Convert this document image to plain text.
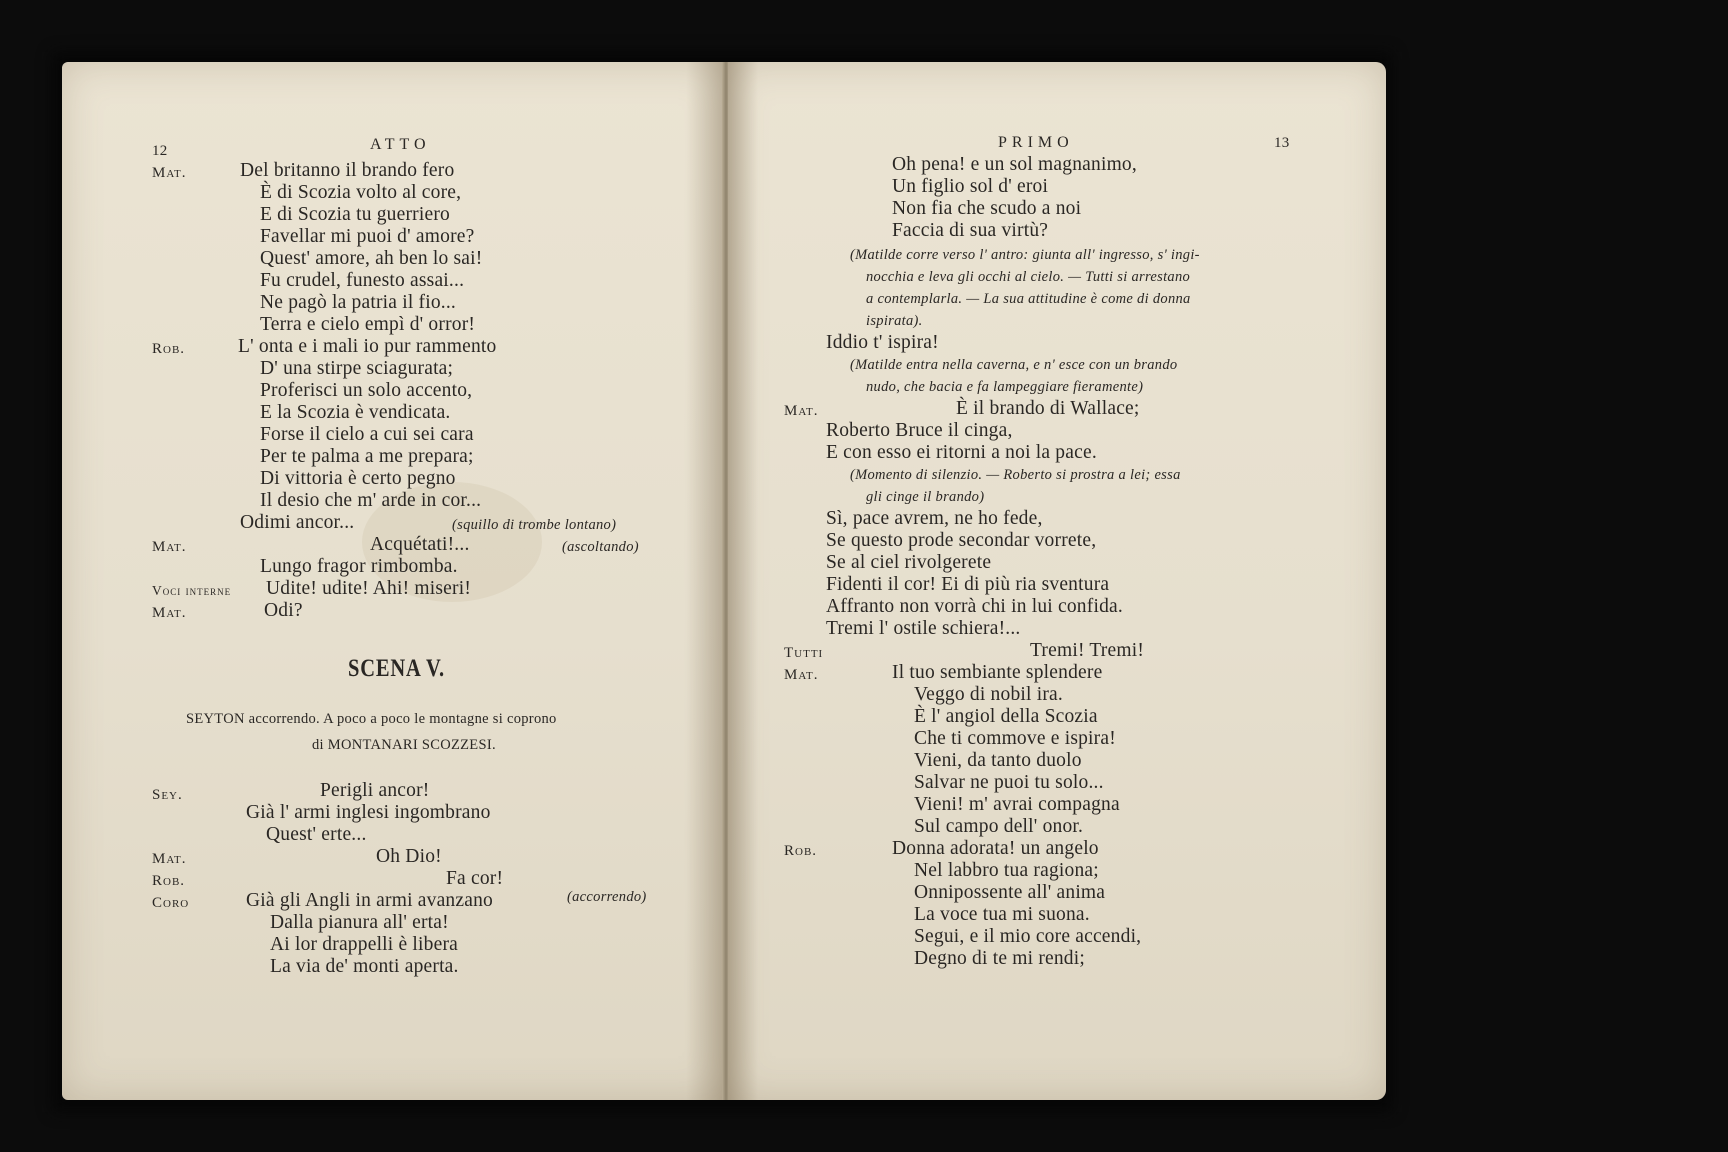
12	ATTO
Mat.	Del britanno il brando fero
È di Scozia volto al core,
E di Scozia tu guerriero
Favellar mi puoi d' amore?
Quest' amore, ah ben lo sai!
Fu crudel, funesto assai...
Ne pagò la patria il fio...
Terra e cielo empì d' orror!
Rob.	L' onta e i mali io pur rammento
D' una stirpe sciagurata;
Proferisci un solo accento,
E la Scozia è vendicata.
Forse il cielo a cui sei cara
Per te palma a me prepara;
Di vittoria è certo pegno
Il desio che m' arde in cor...
Odimi ancor...	(squillo di trombe lontano)
Mat.	Acquétati!...	(ascoltando)
Lungo fragor rimbomba.
Voci interne Udite! udite! Ahi! miseri!
Mat.	Odi?
SCENA V.
SEYTON accorrendo. A poco a poco le montagne si coprono
di MONTANARI SCOZZESI.
Sey.	Perigli ancor!
Già l' armi inglesi ingombrano
Quest' erte...
Mat.	Oh Dio!
Rob.	Fa cor!
Coro	Già gli Angli in armi avanzano	(accorrendo)
Dalla pianura all' erta!
Ai lor drappelli è libera
La via de' monti aperta.
PRIMO	13
Oh pena! e un sol magnanimo,
Un figlio sol d' eroi
Non fia che scudo a noi
Faccia di sua virtù?
(Matilde corre verso l' antro: giunta all' ingresso, s' ingi-
nocchia e leva gli occhi al cielo. — Tutti si arrestano
a contemplarla. — La sua attitudine è come di donna
ispirata).
Iddio t' ispira!
(Matilde entra nella caverna, e n' esce con un brando
nudo, che bacia e fa lampeggiare fieramente)
Mat.	È il brando di Wallace;
Roberto Bruce il cinga,
E con esso ei ritorni a noi la pace.
(Momento di silenzio. — Roberto si prostra a lei; essa
gli cinge il brando)
Sì, pace avrem, ne ho fede,
Se questo prode secondar vorrete,
Se al ciel rivolgerete
Fidenti il cor! Ei di più ria sventura
Affranto non vorrà chi in lui confida.
Tremi l' ostile schiera!...
Tutti	Tremi! Tremi!
Mat.	Il tuo sembiante splendere
Veggo di nobil ira.
È l' angiol della Scozia
Che ti commove e ispira!
Vieni, da tanto duolo
Salvar ne puoi tu solo...
Vieni! m' avrai compagna
Sul campo dell' onor.
Rob.	Donna adorata! un angelo
Nel labbro tua ragiona;
Onnipossente all' anima
La voce tua mi suona.
Segui, e il mio core accendi,
Degno di te mi rendi;
